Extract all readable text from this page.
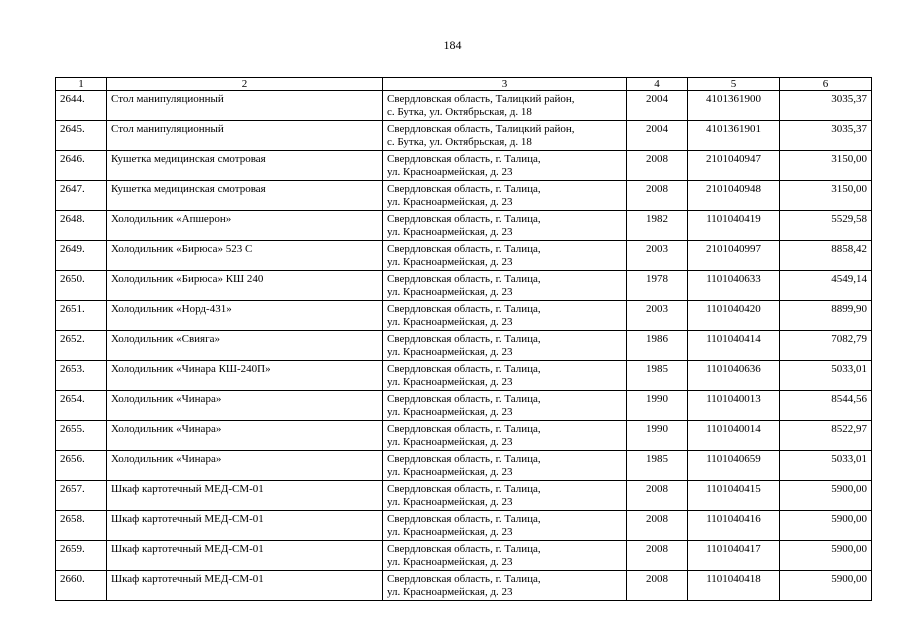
184
1	2	3	4	5	6
2644.	Стол манипуляционный	Свердловская область, Талицкий район,
с. Бутка, ул. Октябрьская, д. 18	2004	4101361900	3035,37
2645.	Стол манипуляционный	Свердловская область, Талицкий район,
с. Бутка, ул. Октябрьская, д. 18	2004	4101361901	3035,37
2646.	Кушетка медицинская смотровая	Свердловская область, г. Талица,
ул. Красноармейская, д. 23	2008	2101040947	3150,00
2647.	Кушетка медицинская смотровая	Свердловская область, г. Талица,
ул. Красноармейская, д. 23	2008	2101040948	3150,00
2648.	Холодильник «Апшерон»	Свердловская область, г. Талица,
ул. Красноармейская, д. 23	1982	1101040419	5529,58
2649.	Холодильник «Бирюса» 523 С	Свердловская область, г. Талица,
ул. Красноармейская, д. 23	2003	2101040997	8858,42
2650.	Холодильник «Бирюса» КШ 240	Свердловская область, г. Талица,
ул. Красноармейская, д. 23	1978	1101040633	4549,14
2651.	Холодильник «Норд-431»	Свердловская область, г. Талица,
ул. Красноармейская, д. 23	2003	1101040420	8899,90
2652.	Холодильник «Свияга»	Свердловская область, г. Талица,
ул. Красноармейская, д. 23	1986	1101040414	7082,79
2653.	Холодильник «Чинара КШ-240П»	Свердловская область, г. Талица,
ул. Красноармейская, д. 23	1985	1101040636	5033,01
2654.	Холодильник «Чинара»	Свердловская область, г. Талица,
ул. Красноармейская, д. 23	1990	1101040013	8544,56
2655.	Холодильник «Чинара»	Свердловская область, г. Талица,
ул. Красноармейская, д. 23	1990	1101040014	8522,97
2656.	Холодильник «Чинара»	Свердловская область, г. Талица,
ул. Красноармейская, д. 23	1985	1101040659	5033,01
2657.	Шкаф картотечный МЕД-СМ-01	Свердловская область, г. Талица,
ул. Красноармейская, д. 23	2008	1101040415	5900,00
2658.	Шкаф картотечный МЕД-СМ-01	Свердловская область, г. Талица,
ул. Красноармейская, д. 23	2008	1101040416	5900,00
2659.	Шкаф картотечный МЕД-СМ-01	Свердловская область, г. Талица,
ул. Красноармейская, д. 23	2008	1101040417	5900,00
2660.	Шкаф картотечный МЕД-СМ-01	Свердловская область, г. Талица,
ул. Красноармейская, д. 23	2008	1101040418	5900,00
